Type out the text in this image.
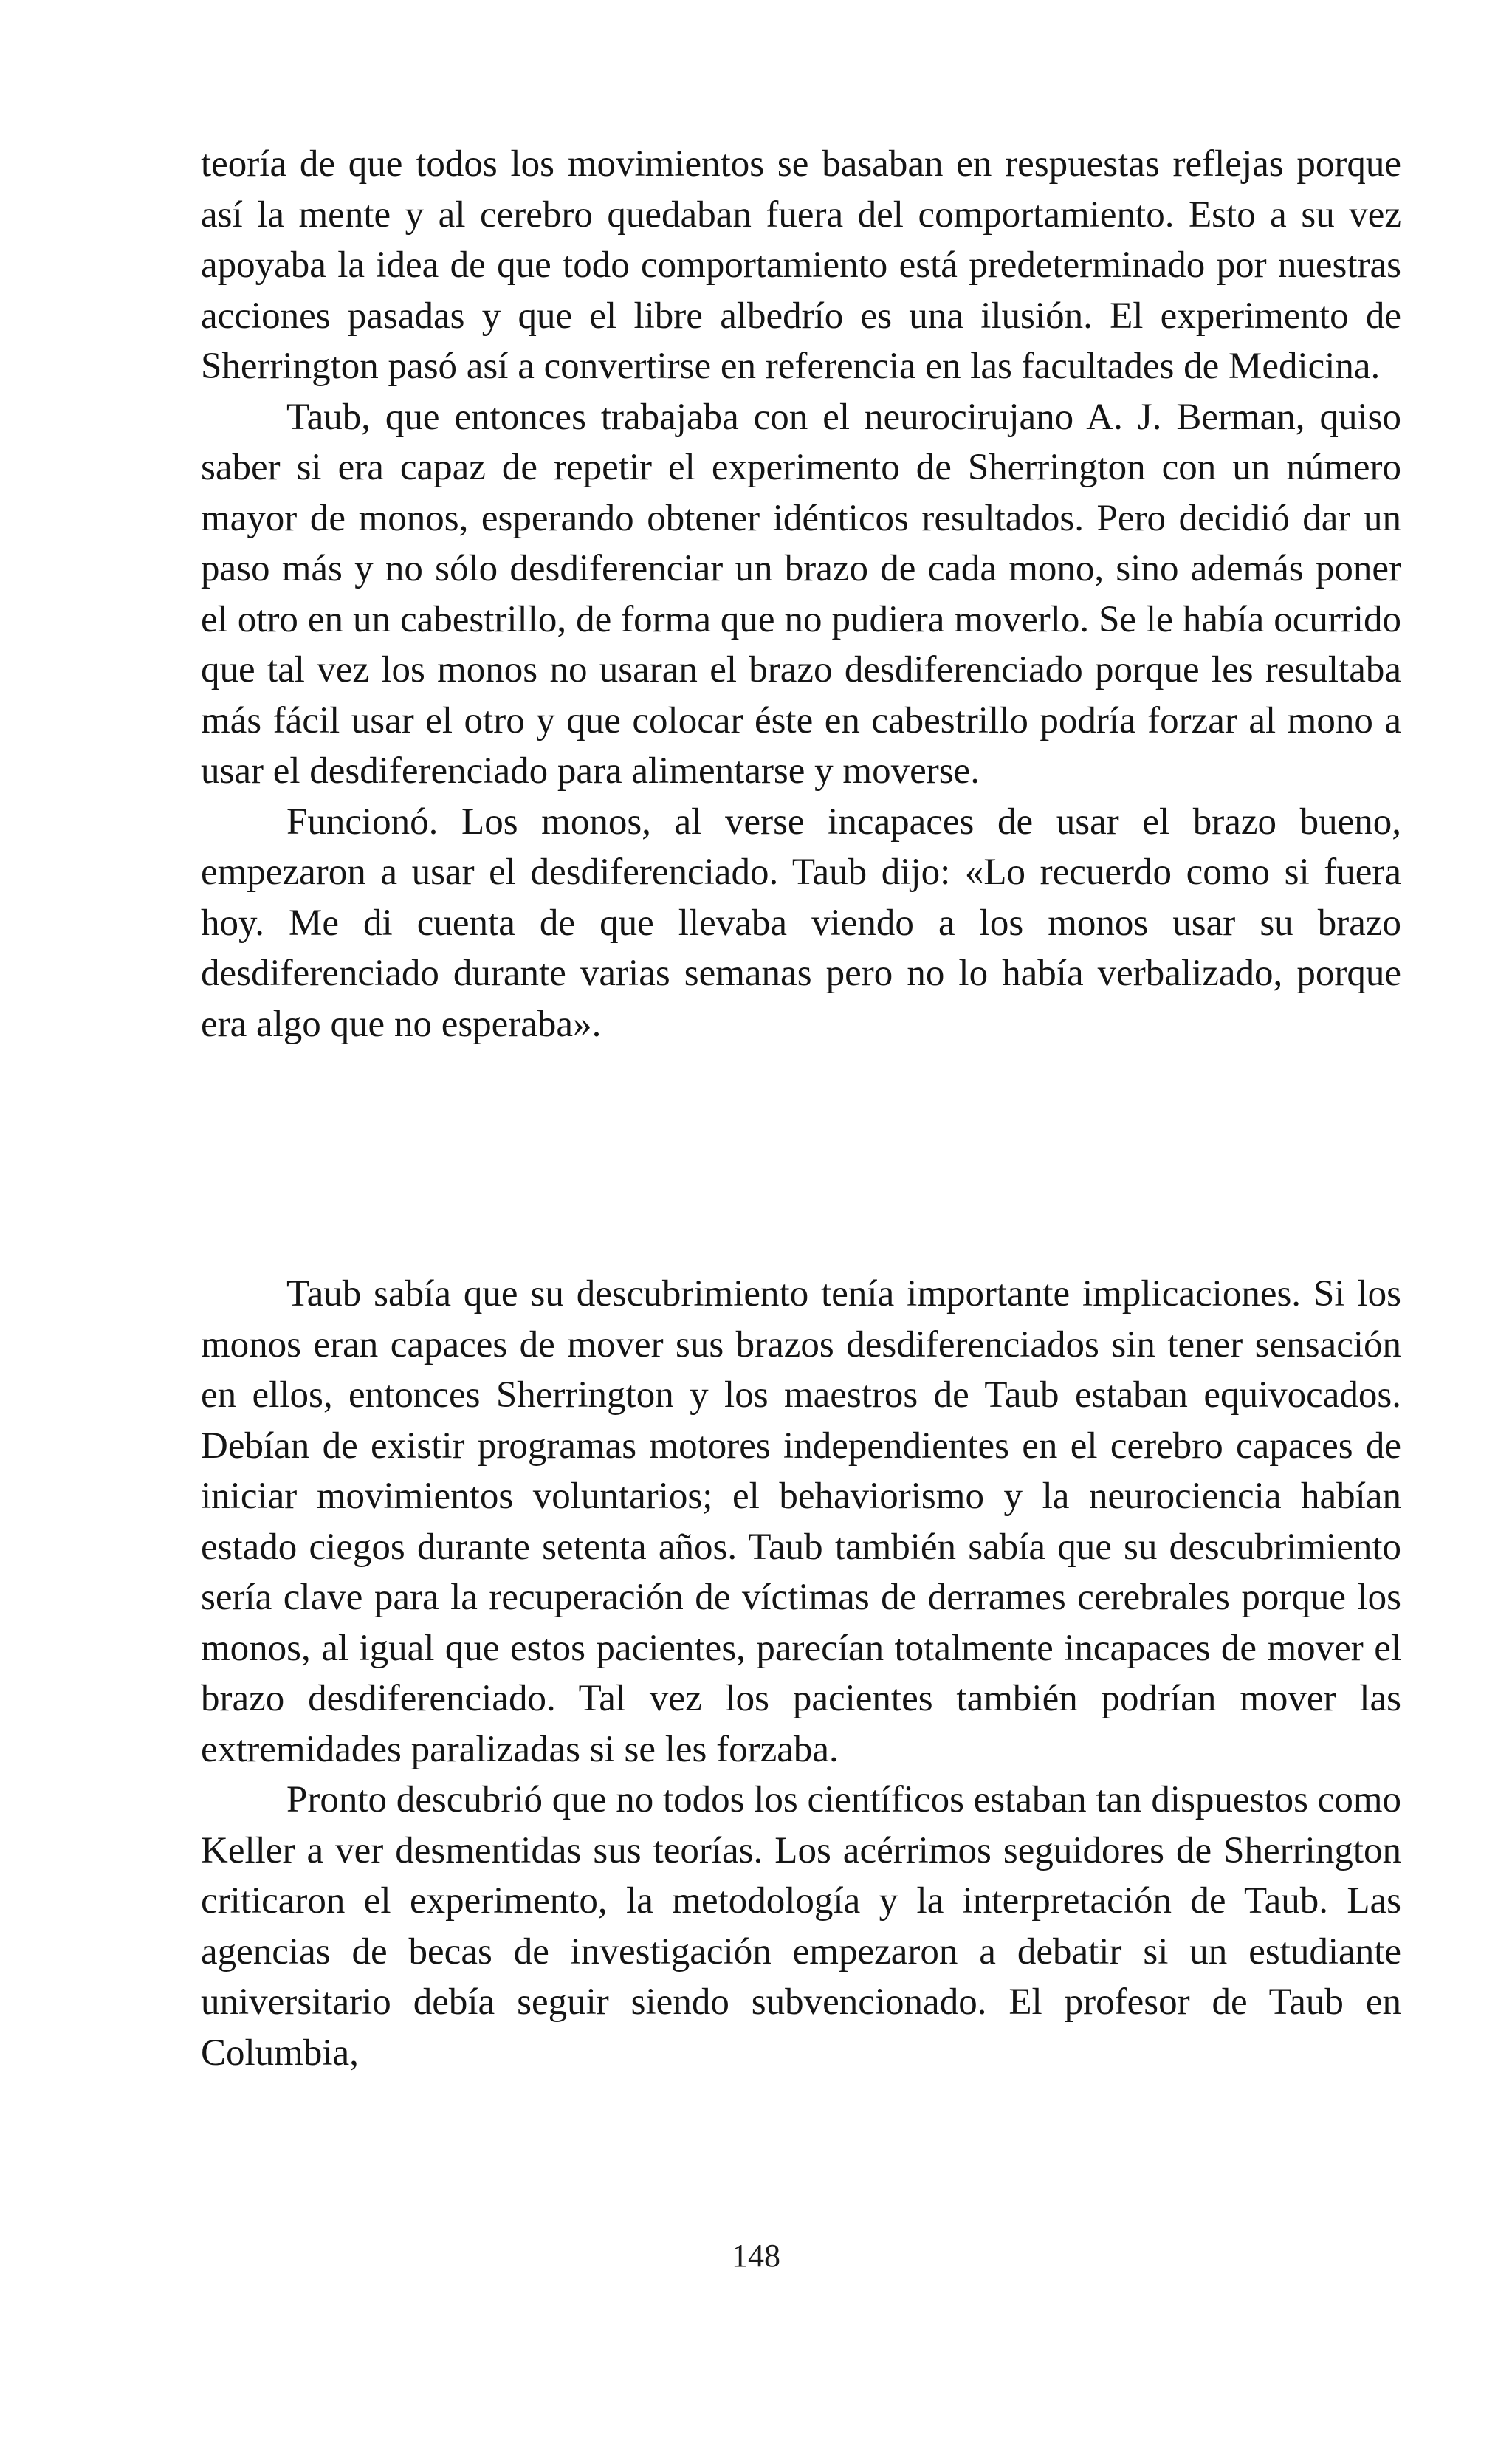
teoría de que todos los movimientos se basaban en respuestas reflejas porque así la mente y al cerebro quedaban fuera del comportamiento. Esto a su vez apoyaba la idea de que todo comportamiento está predeterminado por nuestras acciones pasadas y que el libre albedrío es una ilusión. El experimento de Sherrington pasó así a convertirse en referencia en las facultades de Medicina.

Taub, que entonces trabajaba con el neurocirujano A. J. Berman, quiso saber si era capaz de repetir el experimento de Sherrington con un número mayor de monos, esperando obtener idénticos resultados. Pero decidió dar un paso más y no sólo desdiferenciar un brazo de cada mono, sino además poner el otro en un cabestrillo, de forma que no pudiera moverlo. Se le había ocurrido que tal vez los monos no usaran el brazo desdiferenciado porque les resultaba más fácil usar el otro y que colocar éste en cabestrillo podría forzar al mono a usar el desdiferenciado para alimentarse y moverse.

Funcionó. Los monos, al verse incapaces de usar el brazo bueno, empezaron a usar el desdiferenciado. Taub dijo: «Lo recuerdo como si fuera hoy. Me di cuenta de que llevaba viendo a los monos usar su brazo desdiferenciado durante varias semanas pero no lo había verbalizado, porque era algo que no esperaba».

Taub sabía que su descubrimiento tenía importante implicaciones. Si los monos eran capaces de mover sus brazos desdiferenciados sin tener sensación en ellos, entonces Sherrington y los maestros de Taub estaban equivocados. Debían de existir programas motores independientes en el cerebro capaces de iniciar movimientos voluntarios; el behaviorismo y la neurociencia habían estado ciegos durante setenta años. Taub también sabía que su descubrimiento sería clave para la recuperación de víctimas de derrames cerebrales porque los monos, al igual que estos pacientes, parecían totalmente incapaces de mover el brazo desdiferenciado. Tal vez los pacientes también podrían mover las extremidades paralizadas si se les forzaba.

Pronto descubrió que no todos los científicos estaban tan dispuestos como Keller a ver desmentidas sus teorías. Los acérrimos seguidores de Sherrington criticaron el experimento, la metodología y la interpretación de Taub. Las agencias de becas de investigación empezaron a debatir si un estudiante universitario debía seguir siendo subvencionado. El profesor de Taub en Columbia,

148
